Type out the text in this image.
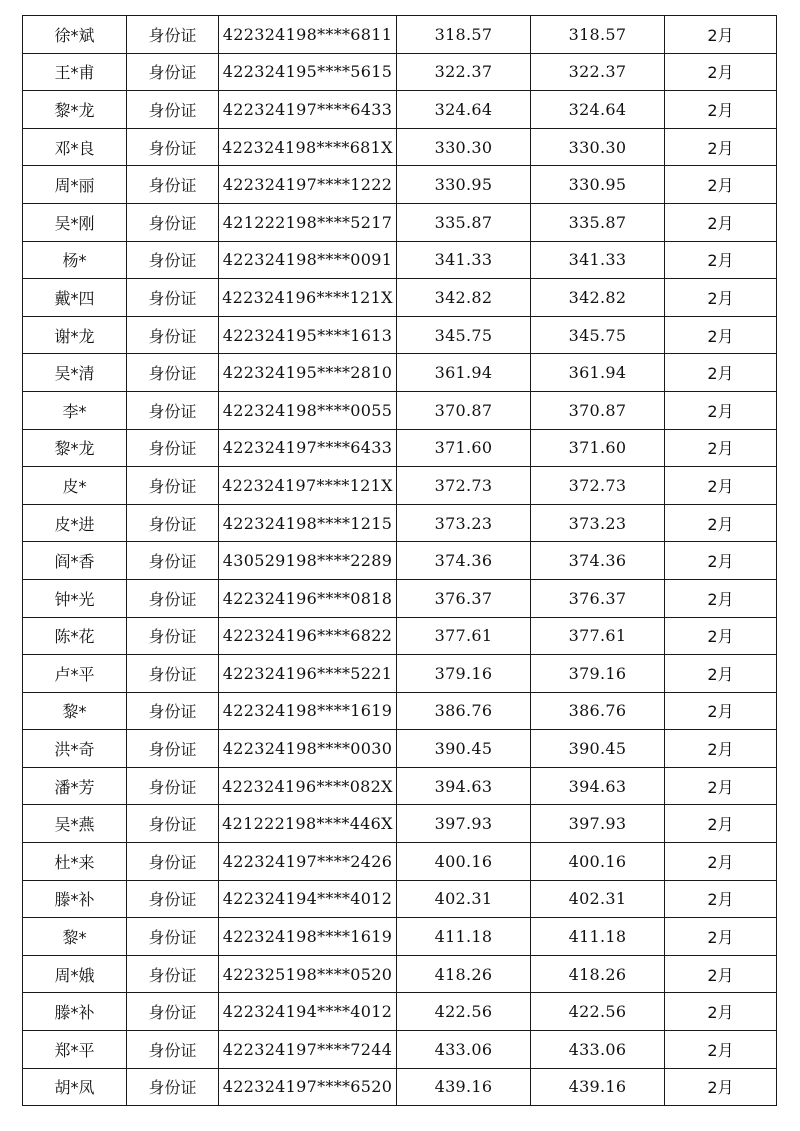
徐*斌	身份证	422324198****6811	318.57	318.57	2月
王*甫	身份证	422324195****5615	322.37	322.37	2月
黎*龙	身份证	422324197****6433	324.64	324.64	2月
邓*良	身份证	422324198****681X	330.30	330.30	2月
周*丽	身份证	422324197****1222	330.95	330.95	2月
吴*刚	身份证	421222198****5217	335.87	335.87	2月
杨*	身份证	422324198****0091	341.33	341.33	2月
戴*四	身份证	422324196****121X	342.82	342.82	2月
谢*龙	身份证	422324195****1613	345.75	345.75	2月
吴*清	身份证	422324195****2810	361.94	361.94	2月
李*	身份证	422324198****0055	370.87	370.87	2月
黎*龙	身份证	422324197****6433	371.60	371.60	2月
皮*	身份证	422324197****121X	372.73	372.73	2月
皮*进	身份证	422324198****1215	373.23	373.23	2月
阎*香	身份证	430529198****2289	374.36	374.36	2月
钟*光	身份证	422324196****0818	376.37	376.37	2月
陈*花	身份证	422324196****6822	377.61	377.61	2月
卢*平	身份证	422324196****5221	379.16	379.16	2月
黎*	身份证	422324198****1619	386.76	386.76	2月
洪*奇	身份证	422324198****0030	390.45	390.45	2月
潘*芳	身份证	422324196****082X	394.63	394.63	2月
吴*燕	身份证	421222198****446X	397.93	397.93	2月
杜*来	身份证	422324197****2426	400.16	400.16	2月
滕*补	身份证	422324194****4012	402.31	402.31	2月
黎*	身份证	422324198****1619	411.18	411.18	2月
周*娥	身份证	422325198****0520	418.26	418.26	2月
滕*补	身份证	422324194****4012	422.56	422.56	2月
郑*平	身份证	422324197****7244	433.06	433.06	2月
胡*凤	身份证	422324197****6520	439.16	439.16	2月
